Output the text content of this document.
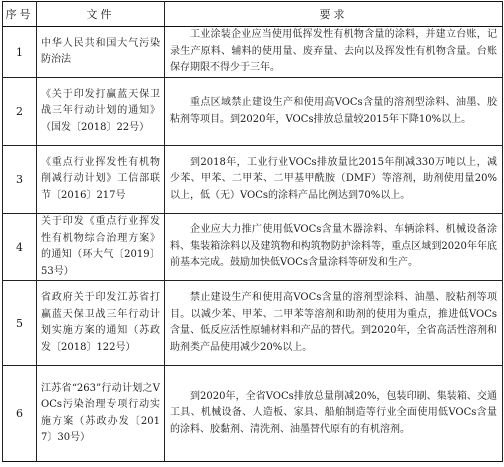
序号	文件	要求
1	中华人民共和国大气污染防治法	工业涂装企业应当使用低挥发性有机物含量的涂料，并建立台账，记录生产原料、辅料的使用量、废弃量、去向以及挥发性有机物含量。台账保存期限不得少于三年。
2	《关于印发打赢蓝天保卫战三年行动计划的通知》（国发〔2018〕22号）	重点区域禁止建设生产和使用高VOCs含量的溶剂型涂料、油墨、胶粘剂等项目。到2020年，VOCs排放总量较2015年下降10%以上。
3	《重点行业挥发性有机物削减行动计划》工信部联节〔2016〕217号	到2018年，工业行业VOCs排放量比2015年削减330万吨以上，减少苯、甲苯、二甲苯、二甲基甲酰胺（DMF）等溶剂，助剂使用量20%以上，低（无）VOCs的涂料产品比例达到70%以上。
4	关于印发《重点行业挥发性有机物综合治理方案》的通知（环大气〔2019〕53号）	企业应大力推广使用低VOCs含量木器涂料、车辆涂料、机械设备涂料、集装箱涂料以及建筑物和构筑物防护涂料等，重点区域到2020年年底前基本完成。鼓励加快低VOCs含量涂料等研发和生产。
5	省政府关于印发江苏省打赢蓝天保卫战三年行动计划实施方案的通知（苏政发〔2018〕122号）	禁止建设生产和使用高VOCs含量的溶剂型涂料、油墨、胶粘剂等项目。以减少苯、甲苯、二甲苯等溶剂和助剂的使用为重点，推进低VOCs含量、低反应活性原辅材料和产品的替代。到2020年，全省高活性溶剂和助剂类产品使用减少20%以上。
6	江苏省“263”行动计划之VOCs污染治理专项行动实施方案（苏政办发〔2017〕30号）	到2020年，全省VOCs排放总量削减20%，包装印刷、集装箱、交通工具、机械设备、人造板、家具、船舶制造等行业全面使用低VOCs含量的涂料、胶黏剂、清洗剂、油墨替代原有的有机溶剂。
